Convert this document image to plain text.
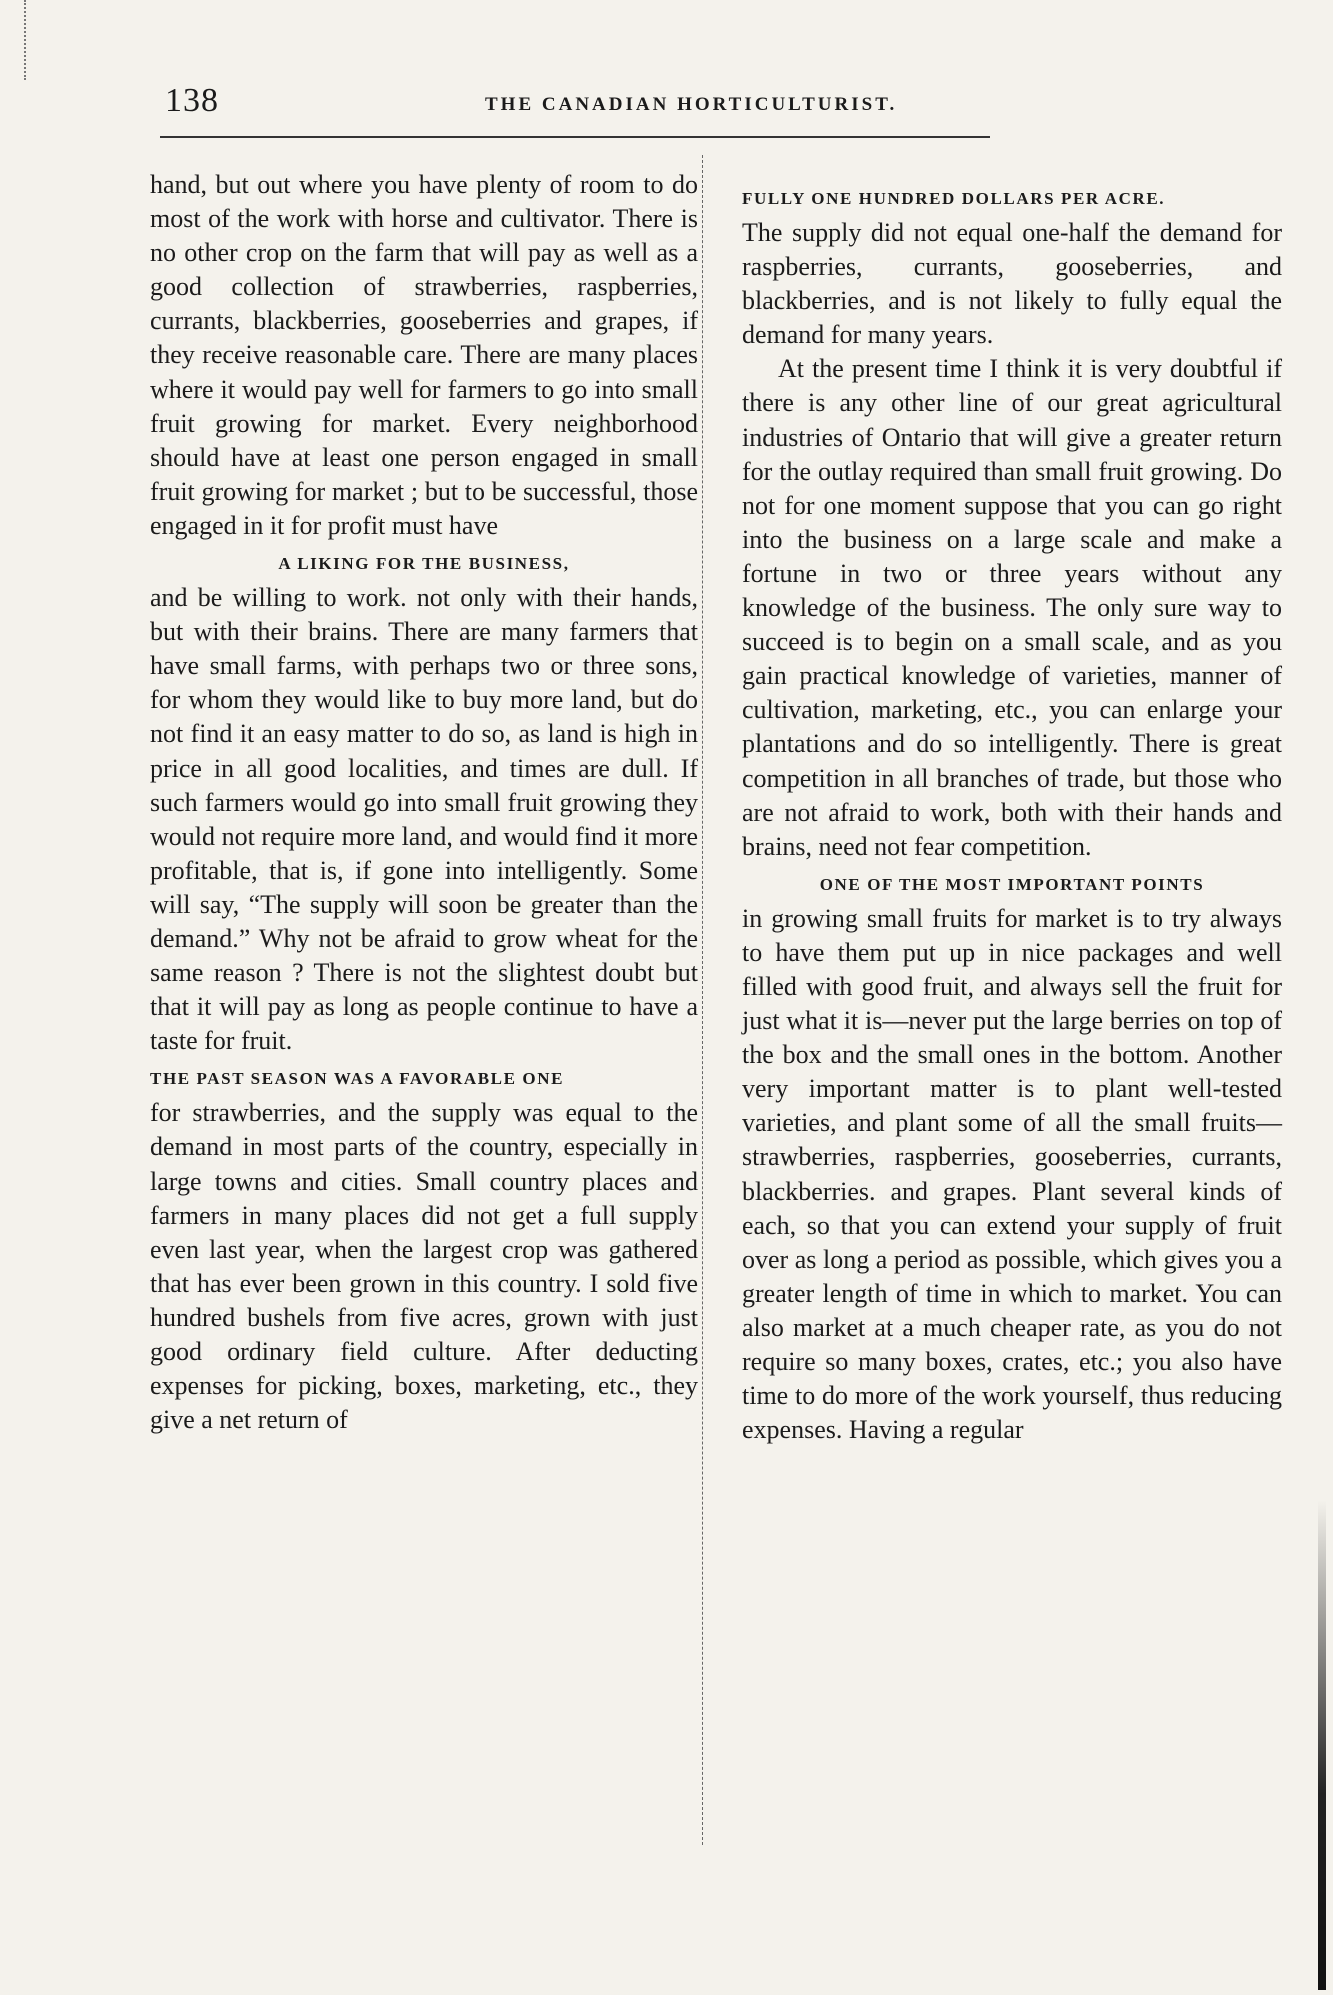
138	THE CANADIAN HORTICULTURIST.

hand, but out where you have plenty of room to do most of the work with horse and cultivator. There is no other crop on the farm that will pay as well as a good collection of strawberries, raspberries, currants, blackberries, gooseberries and grapes, if they receive reasonable care. There are many places where it would pay well for farmers to go into small fruit growing for market. Every neighborhood should have at least one person engaged in small fruit growing for market ; but to be successful, those engaged in it for profit must have

A LIKING FOR THE BUSINESS,

and be willing to work. not only with their hands, but with their brains. There are many farmers that have small farms, with perhaps two or three sons, for whom they would like to buy more land, but do not find it an easy matter to do so, as land is high in price in all good localities, and times are dull. If such farmers would go into small fruit growing they would not require more land, and would find it more profitable, that is, if gone into intelligently. Some will say, “The supply will soon be greater than the demand.” Why not be afraid to grow wheat for the same reason ? There is not the slightest doubt but that it will pay as long as people continue to have a taste for fruit.

THE PAST SEASON WAS A FAVORABLE ONE

for strawberries, and the supply was equal to the demand in most parts of the country, especially in large towns and cities. Small country places and farmers in many places did not get a full supply even last year, when the largest crop was gathered that has ever been grown in this country. I sold five hundred bushels from five acres, grown with just good ordinary field culture. After deducting expenses for picking, boxes, marketing, etc., they give a net return of

FULLY ONE HUNDRED DOLLARS PER ACRE.

The supply did not equal one-half the demand for raspberries, currants, gooseberries, and blackberries, and is not likely to fully equal the demand for many years.

At the present time I think it is very doubtful if there is any other line of our great agricultural industries of Ontario that will give a greater return for the outlay required than small fruit growing. Do not for one moment suppose that you can go right into the business on a large scale and make a fortune in two or three years without any knowledge of the business. The only sure way to succeed is to begin on a small scale, and as you gain practical knowledge of varieties, manner of cultivation, marketing, etc., you can enlarge your plantations and do so intelligently. There is great competition in all branches of trade, but those who are not afraid to work, both with their hands and brains, need not fear competition.

ONE OF THE MOST IMPORTANT POINTS

in growing small fruits for market is to try always to have them put up in nice packages and well filled with good fruit, and always sell the fruit for just what it is—never put the large berries on top of the box and the small ones in the bottom. Another very important matter is to plant well-tested varieties, and plant some of all the small fruits—strawberries, raspberries, gooseberries, currants, blackberries. and grapes. Plant several kinds of each, so that you can extend your supply of fruit over as long a period as possible, which gives you a greater length of time in which to market. You can also market at a much cheaper rate, as you do not require so many boxes, crates, etc.; you also have time to do more of the work yourself, thus reducing expenses. Having a regular
